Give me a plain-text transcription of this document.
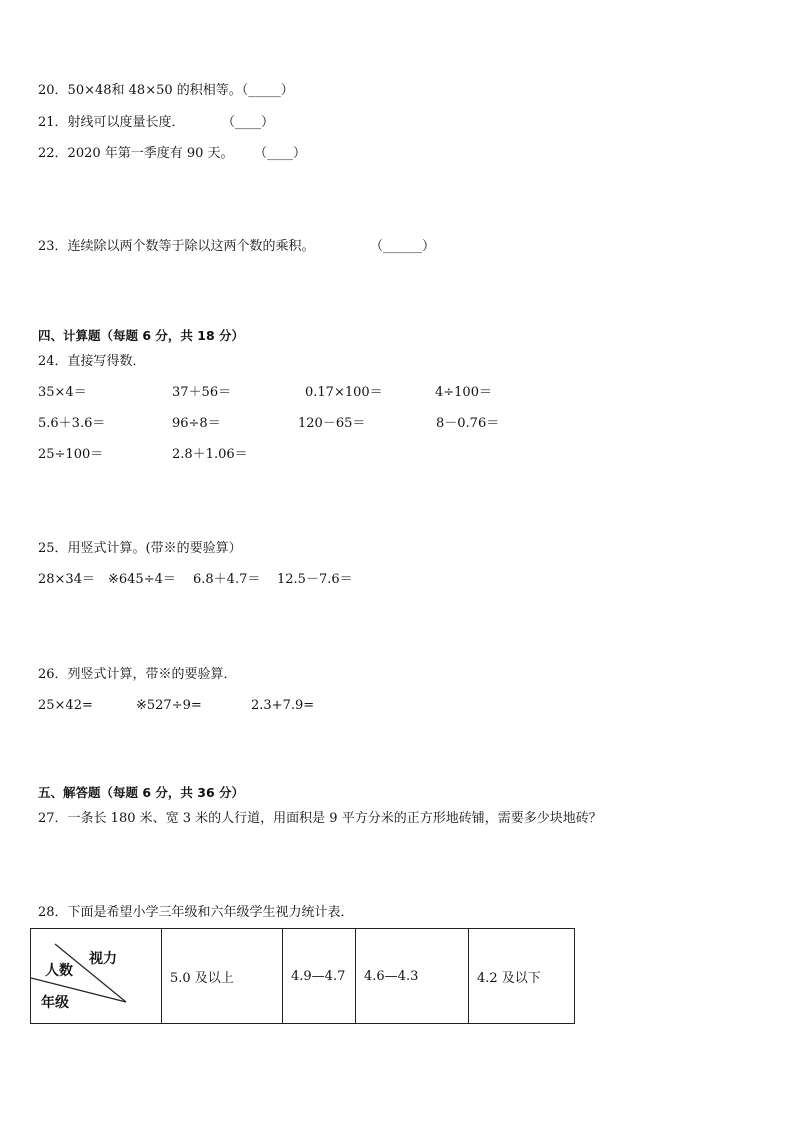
20．50×48和 48×50 的积相等。（_____）
21．射线可以度量长度．	（____）
22．2020 年第一季度有 90 天。 （____）
23．连续除以两个数等于除以这两个数的乘积。	（______）
四、计算题（每题 6 分，共 18 分）
24．直接写得数．
35×4＝	37＋56＝	0.17×100＝	4÷100＝
5.6＋3.6＝	96÷8＝	120－65＝	8－0.76＝
25÷100＝	2.8＋1.06＝
25．用竖式计算。(带※的要验算）
28×34＝ ※645÷4＝ 6.8＋4.7＝ 12.5－7.6＝
26．列竖式计算，带※的要验算．
25×42=	※527÷9=	2.3+7.9=
五、解答题（每题 6 分，共 36 分）
27．一条长 180 米、宽 3 米的人行道，用面积是 9 平方分米的正方形地砖铺，需要多少块地砖？
28．下面是希望小学三年级和六年级学生视力统计表．
视力
人数
年级
	5.0 及以上	4.9—4.7	4.6—4.3	4.2 及以下
